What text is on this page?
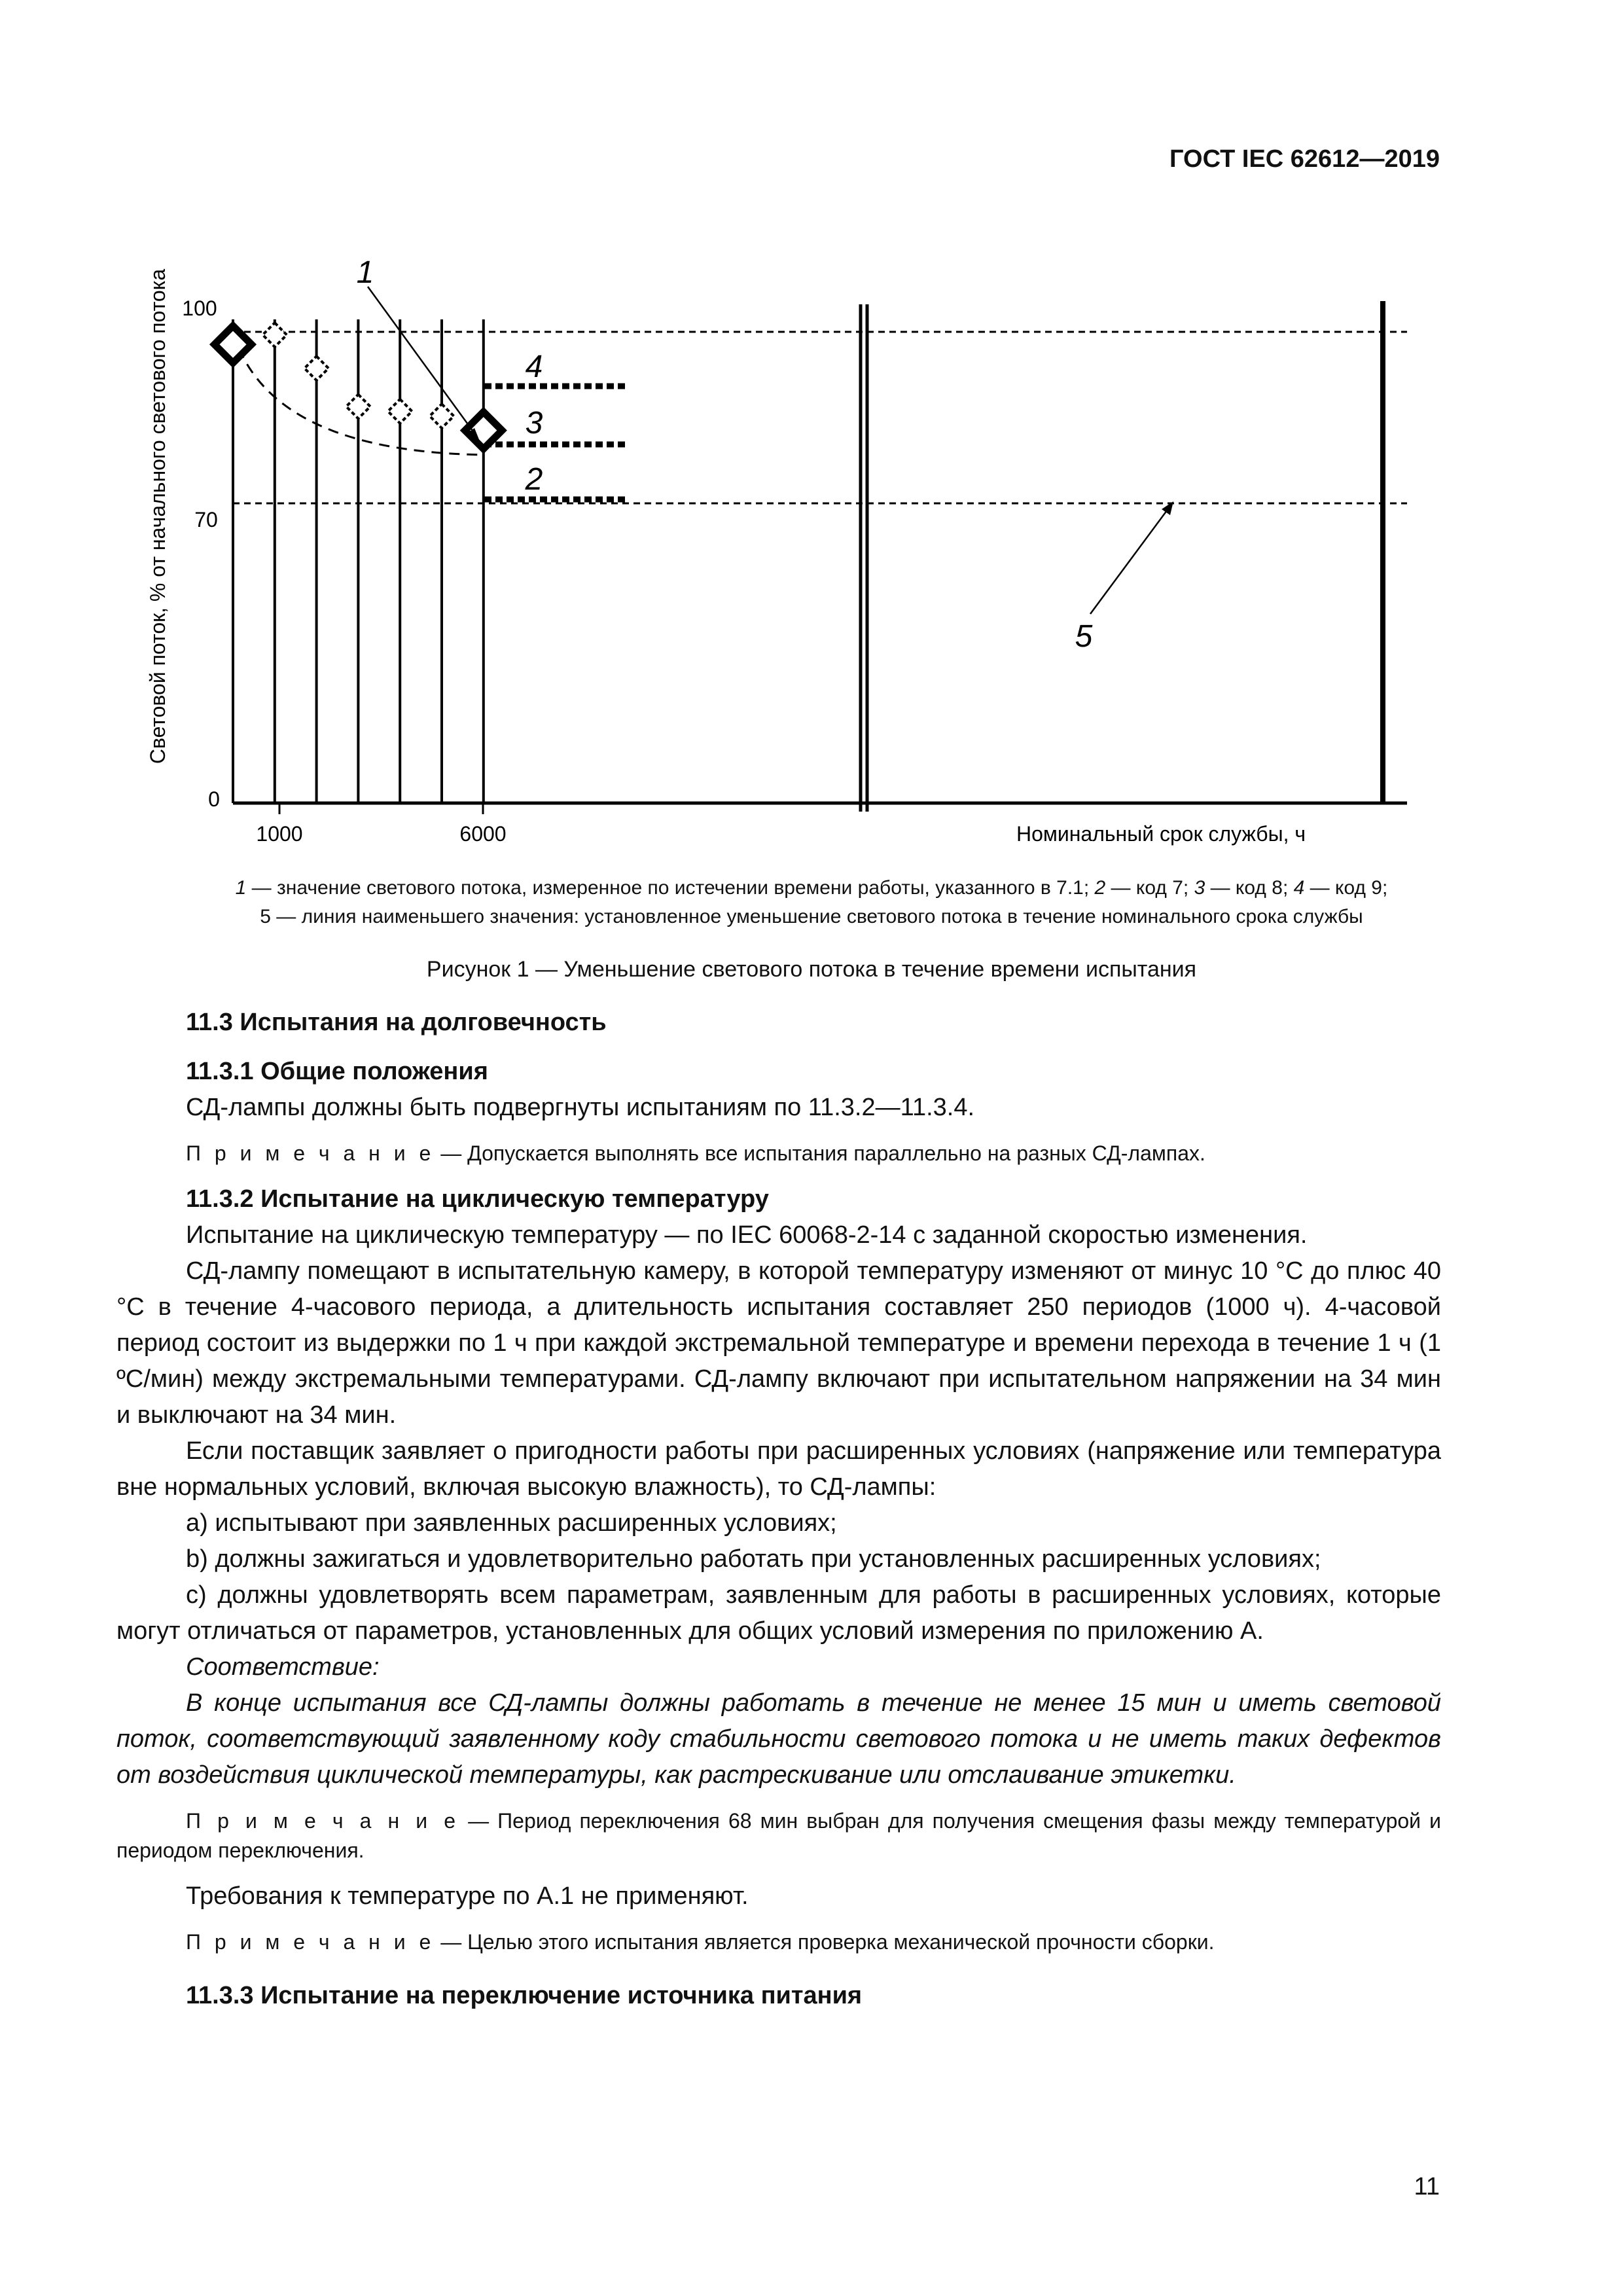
ГОСТ IEC 62612—2019
Световой поток, % от начального светового потока 100
70
0
1000	6000	Номинальный срок службы, ч
1
4
3
2
5
1 — значение светового потока, измеренное по истечении времени работы, указанного в 7.1; 2 — код 7; 3 — код 8; 4 — код 9;
5 — линия наименьшего значения: установленное уменьшение светового потока в течение номинального срока службы
Рисунок 1 — Уменьшение светового потока в течение времени испытания

11.3 Испытания на долговечность

11.3.1 Общие положения

СД-лампы должны быть подвергнуты испытаниям по 11.3.2—11.3.4.

П р и м е ч а н и е — Допускается выполнять все испытания параллельно на разных СД-лампах.

11.3.2 Испытание на циклическую температуру

Испытание на циклическую температуру — по IEC 60068-2-14 с заданной скоростью изменения.

СД-лампу помещают в испытательную камеру, в которой температуру изменяют от минус 10 °С до плюс 40 °С в течение 4-часового периода, а длительность испытания составляет 250 периодов (1000 ч). 4-часовой период состоит из выдержки по 1 ч при каждой экстремальной температуре и времени перехода в течение 1 ч (1 ºС/мин) между экстремальными температурами. СД-лампу включают при испытательном напряжении на 34 мин и выключают на 34 мин.

Если поставщик заявляет о пригодности работы при расширенных условиях (напряжение или температура вне нормальных условий, включая высокую влажность), то СД-лампы:

а) испытывают при заявленных расширенных условиях;

b) должны зажигаться и удовлетворительно работать при установленных расширенных условиях;

с) должны удовлетворять всем параметрам, заявленным для работы в расширенных условиях, которые могут отличаться от параметров, установленных для общих условий измерения по приложению А.

Соответствие:

В конце испытания все СД-лампы должны работать в течение не менее 15 мин и иметь световой поток, соответствующий заявленному коду стабильности светового потока и не иметь таких дефектов от воздействия циклической температуры, как растрескивание или отслаивание этикетки.

П р и м е ч а н и е — Период переключения 68 мин выбран для получения смещения фазы между температурой и периодом переключения.

Требования к температуре по А.1 не применяют.

П р и м е ч а н и е — Целью этого испытания является проверка механической прочности сборки.

11.3.3 Испытание на переключение источника питания

11
